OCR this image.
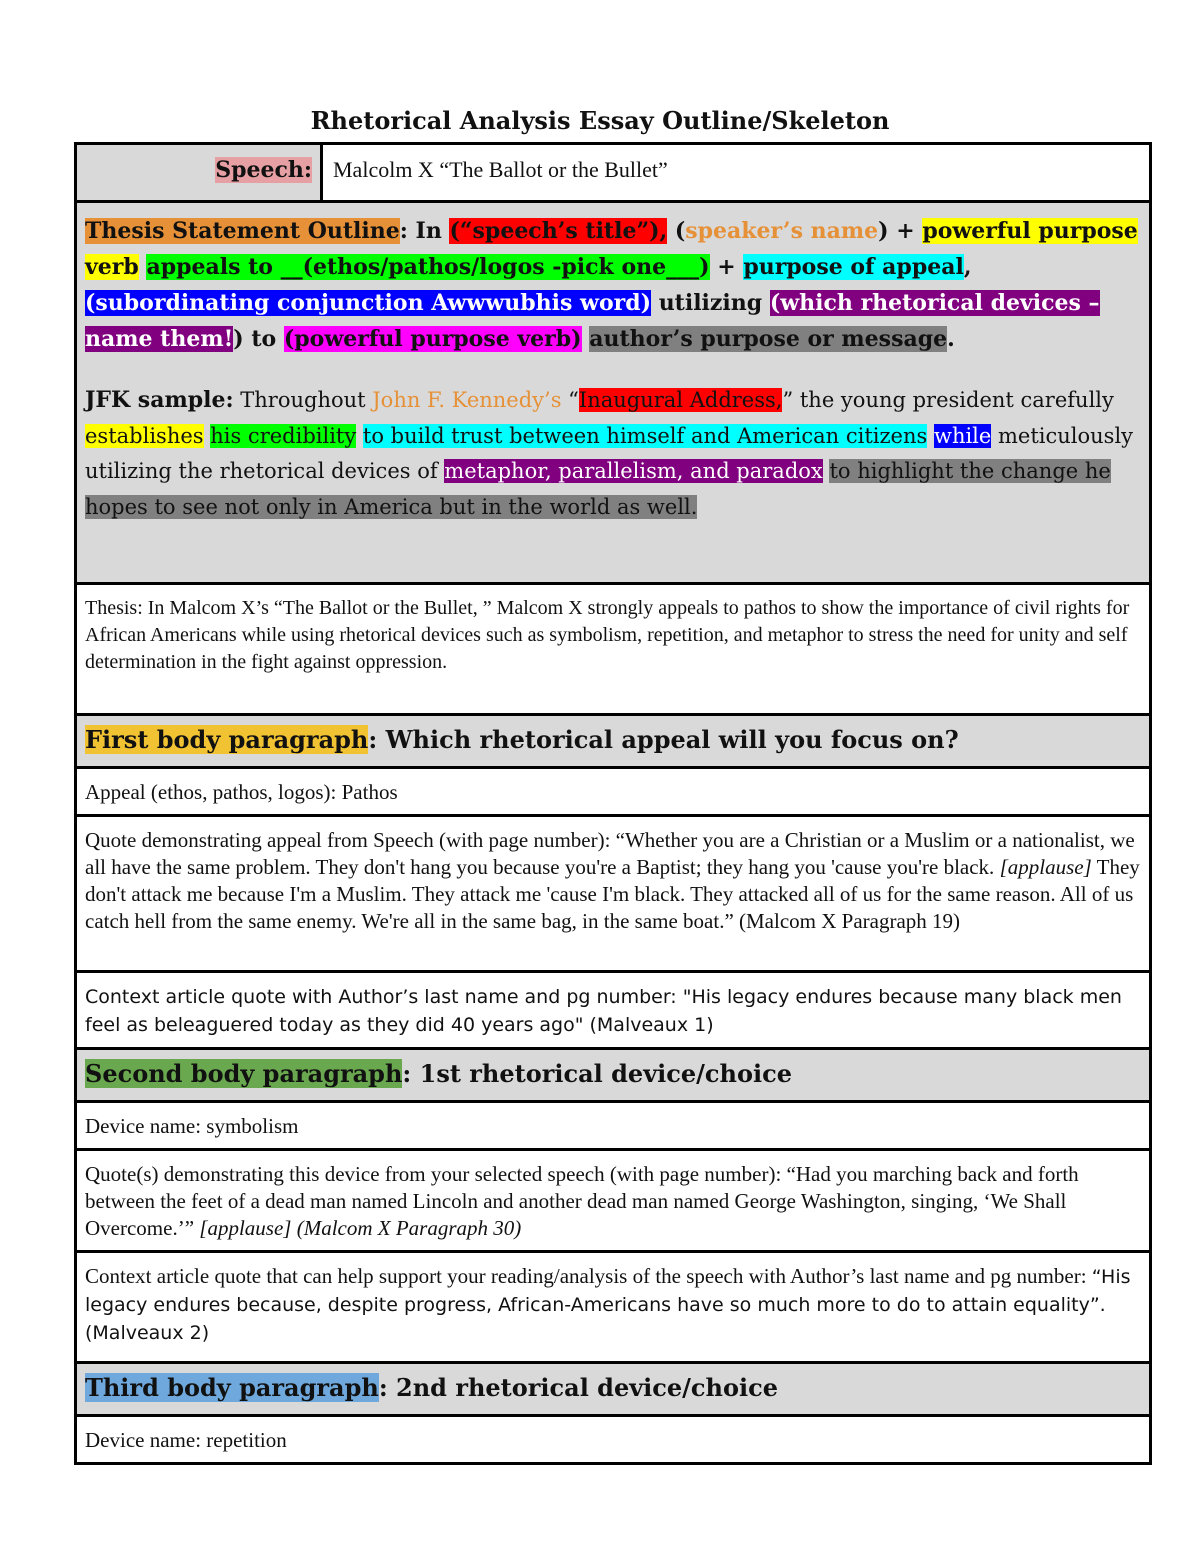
Rhetorical Analysis Essay Outline/Skeleton
Speech: Malcolm X “The Ballot or the Bullet”

Thesis Statement Outline: In (“speech’s title”), (speaker’s name) + powerful purpose verb appeals to __(ethos/pathos/logos -pick one___) + purpose of appeal, (subordinating conjunction Awwwubhis word) utilizing (which rhetorical devices – name them!) to (powerful purpose verb) author’s purpose or message.

JFK sample: Throughout John F. Kennedy’s “Inaugural Address,” the young president carefully establishes his credibility to build trust between himself and American citizens while meticulously utilizing the rhetorical devices of metaphor, parallelism, and paradox to highlight the change he hopes to see not only in America but in the world as well.

Thesis: In Malcom X’s “The Ballot or the Bullet, ” Malcom X strongly appeals to pathos to show the importance of civil rights for African Americans while using rhetorical devices such as symbolism, repetition, and metaphor to stress the need for unity and self determination in the fight against oppression.
First body paragraph: Which rhetorical appeal will you focus on?
Appeal (ethos, pathos, logos): Pathos
Quote demonstrating appeal from Speech (with page number): “Whether you are a Christian or a Muslim or a nationalist, we all have the same problem. They don't hang you because you're a Baptist; they hang you 'cause you're black. [applause] They don't attack me because I'm a Muslim. They attack me 'cause I'm black. They attacked all of us for the same reason. All of us catch hell from the same enemy. We're all in the same bag, in the same boat.” (Malcom X Paragraph 19)
Context article quote with Author’s last name and pg number: "His legacy endures because many black men feel as beleaguered today as they did 40 years ago" (Malveaux 1)
Second body paragraph: 1st rhetorical device/choice
Device name: symbolism
Quote(s) demonstrating this device from your selected speech (with page number): “Had you marching back and forth between the feet of a dead man named Lincoln and another dead man named George Washington, singing, ‘We Shall Overcome.’” [applause] (Malcom X Paragraph 30)
Context article quote that can help support your reading/analysis of the speech with Author’s last name and pg number: “His legacy endures because, despite progress, African-Americans have so much more to do to attain equality”. (Malveaux 2)
Third body paragraph: 2nd rhetorical device/choice
Device name: repetition
